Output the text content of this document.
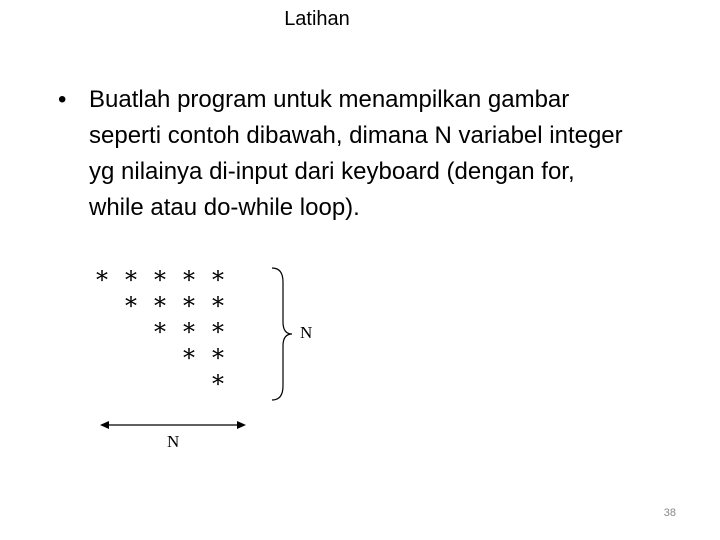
Latihan
• Buatlah program untuk menampilkan gambar
seperti contoh dibawah, dimana N variabel integer
yg nilainya di-input dari keyboard (dengan for,
while atau do-while loop).
* * * * *
* * * *
* * *
* *
*
N
N
38
